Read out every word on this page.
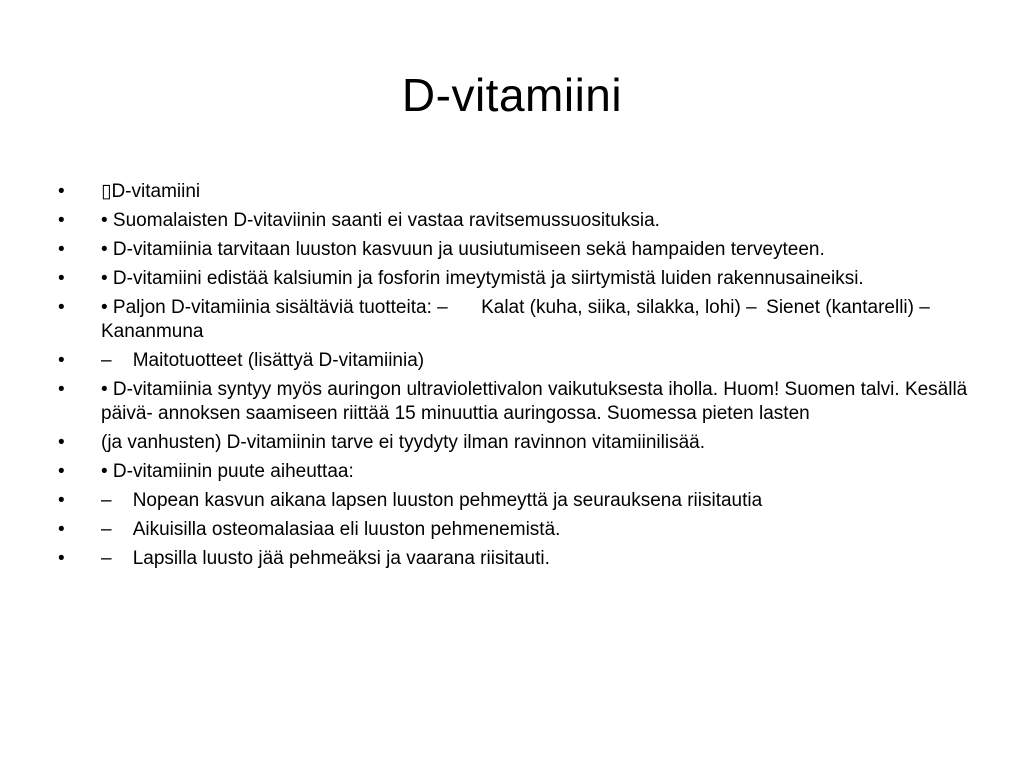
D-vitamiini
•	▯D-vitamiini
•	• Suomalaisten D-vitaviinin saanti ei vastaa ravitsemussuosituksia.
•	• D-vitamiinia tarvitaan luuston kasvuun ja uusiutumiseen sekä hampaiden terveyteen.
•	• D-vitamiini edistää kalsiumin ja fosforin imeytymistä ja siirtymistä luiden rakennusaineiksi.
•	• Paljon D-vitamiinia sisältäviä tuotteita: –	Kalat (kuha, siika, silakka, lohi) –	Sienet (kantarelli) – Kananmuna
•	–	Maitotuotteet (lisättyä D-vitamiinia)
•	• D-vitamiinia syntyy myös auringon ultraviolettivalon vaikutuksesta iholla. Huom! Suomen talvi. Kesällä päivä- annoksen saamiseen riittää 15 minuuttia auringossa. Suomessa pieten lasten
•	(ja vanhusten) D-vitamiinin tarve ei tyydyty ilman ravinnon vitamiinilisää.
•	• D-vitamiinin puute aiheuttaa:
•	–	Nopean kasvun aikana lapsen luuston pehmeyttä ja seurauksena riisitautia
•	–	Aikuisilla osteomalasiaa eli luuston pehmenemistä.
•	–	Lapsilla luusto jää pehmeäksi ja vaarana riisitauti.
